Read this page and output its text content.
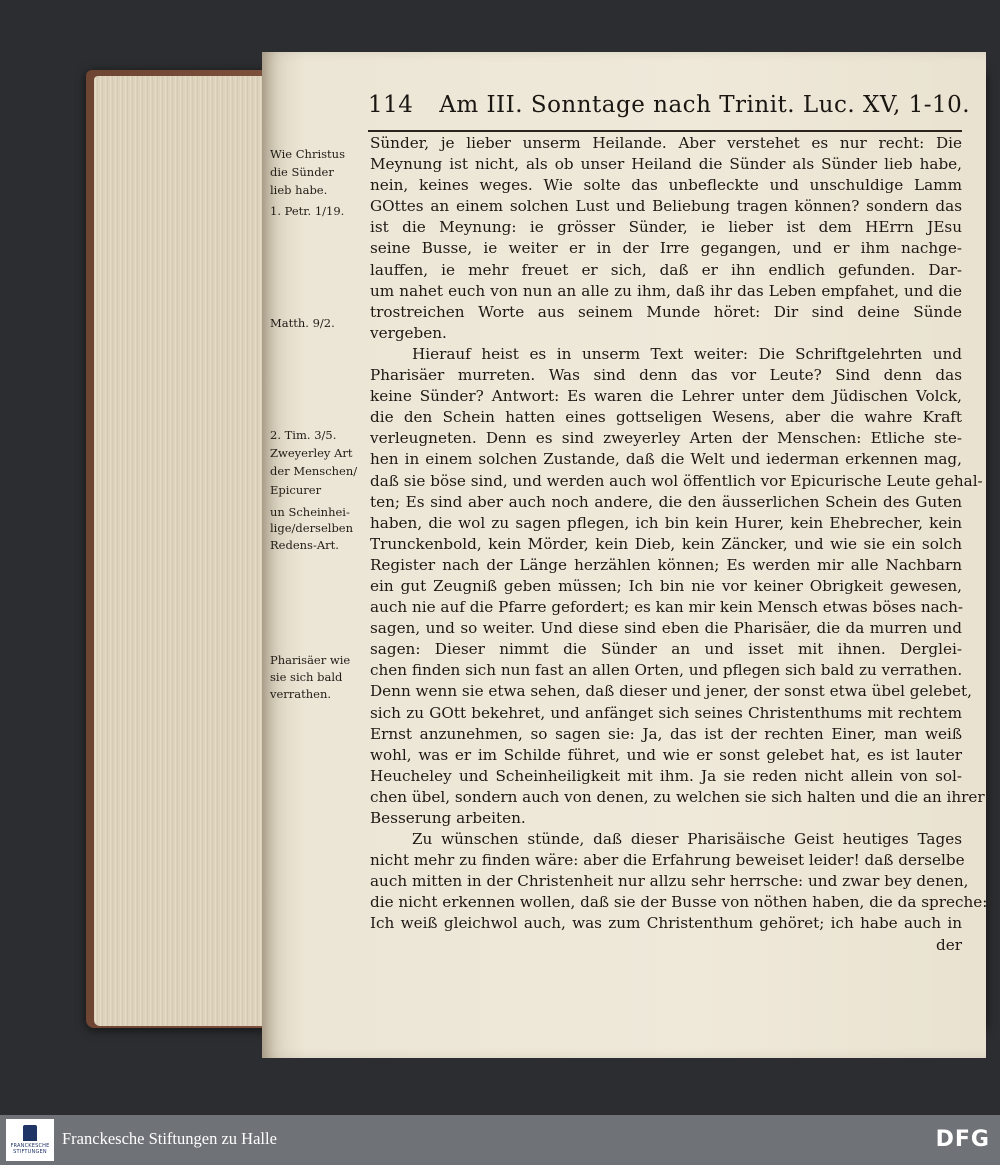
114 Am III. Sonntage nach Trinit. Luc. XV, 1-10.
Wie Christus
die Sünder
lieb habe.
1. Petr. 1/19.
Matth. 9/2.
2. Tim. 3/5.
Zweyerley Art
der Menschen/
Epicurer
un Scheinhei-
lige/derselben
Redens-Art.
Pharisäer wie
sie sich bald
verrathen.
Sünder, je lieber unserm Heilande. Aber verstehet es nur recht: Die
Meynung ist nicht, als ob unser Heiland die Sünder als Sünder lieb habe,
nein, keines weges. Wie solte das unbefleckte und unschuldige Lamm
GOttes an einem solchen Lust und Beliebung tragen können? sondern das
ist die Meynung: ie grösser Sünder, ie lieber ist dem HErrn JEsu
seine Busse, ie weiter er in der Irre gegangen, und er ihm nachge-
lauffen, ie mehr freuet er sich, daß er ihn endlich gefunden. Dar-
um nahet euch von nun an alle zu ihm, daß ihr das Leben empfahet, und die
trostreichen Worte aus seinem Munde höret: Dir sind deine Sünde
vergeben.
Hierauf heist es in unserm Text weiter: Die Schriftgelehrten und
Pharisäer murreten. Was sind denn das vor Leute? Sind denn das
keine Sünder? Antwort: Es waren die Lehrer unter dem Jüdischen Volck,
die den Schein hatten eines gottseligen Wesens, aber die wahre Kraft
verleugneten. Denn es sind zweyerley Arten der Menschen: Etliche ste-
hen in einem solchen Zustande, daß die Welt und iederman erkennen mag,
daß sie böse sind, und werden auch wol öffentlich vor Epicurische Leute gehal-
ten; Es sind aber auch noch andere, die den äusserlichen Schein des Guten
haben, die wol zu sagen pflegen, ich bin kein Hurer, kein Ehebrecher, kein
Trunckenbold, kein Mörder, kein Dieb, kein Zäncker, und wie sie ein solch
Register nach der Länge herzählen können; Es werden mir alle Nachbarn
ein gut Zeugniß geben müssen; Ich bin nie vor keiner Obrigkeit gewesen,
auch nie auf die Pfarre gefordert; es kan mir kein Mensch etwas böses nach-
sagen, und so weiter. Und diese sind eben die Pharisäer, die da murren und
sagen: Dieser nimmt die Sünder an und isset mit ihnen. Derglei-
chen finden sich nun fast an allen Orten, und pflegen sich bald zu verrathen.
Denn wenn sie etwa sehen, daß dieser und jener, der sonst etwa übel gelebet,
sich zu GOtt bekehret, und anfänget sich seines Christenthums mit rechtem
Ernst anzunehmen, so sagen sie: Ja, das ist der rechten Einer, man weiß
wohl, was er im Schilde führet, und wie er sonst gelebet hat, es ist lauter
Heucheley und Scheinheiligkeit mit ihm. Ja sie reden nicht allein von sol-
chen übel, sondern auch von denen, zu welchen sie sich halten und die an ihrer
Besserung arbeiten.
Zu wünschen stünde, daß dieser Pharisäische Geist heutiges Tages
nicht mehr zu finden wäre: aber die Erfahrung beweiset leider! daß derselbe
auch mitten in der Christenheit nur allzu sehr herrsche: und zwar bey denen,
die nicht erkennen wollen, daß sie der Busse von nöthen haben, die da spreche:
Ich weiß gleichwol auch, was zum Christenthum gehöret; ich habe auch in
der
FRANCKESCHE STIFTUNGEN
Franckesche Stiftungen zu Halle	DFG
